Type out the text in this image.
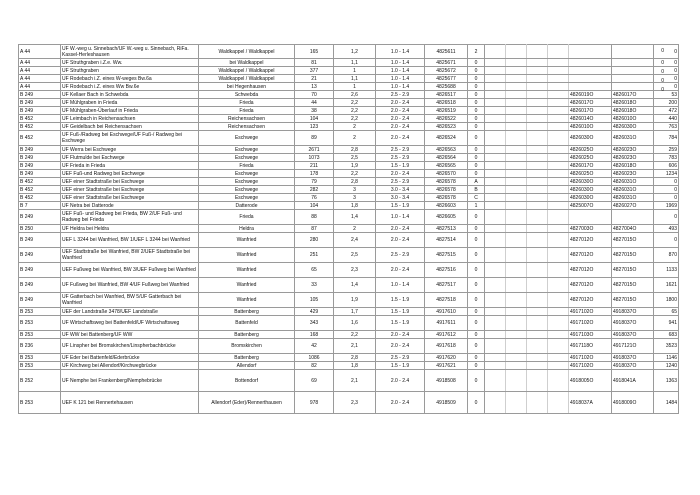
A 44	UF W.-weg u. Sinnebach/UF W.-weg u. Sinnebach, RiFa. Kassel-Herleshausen	Waldkappel / Waldkappel	165	1,2	1.0 - 1.4	4825611	2							0
A 44	UF Struthgraben i.Z.e. Ww.	bei Waldkappel	81	1,1	1.0 - 1.4	4825671	0							0
A 44	UF Struthgraben	Waldkappel / Waldkappel	377	1	1.0 - 1.4	4825672	0							0
A 44	UF Rodebach i.Z. eines W-weges Bw.6a	Waldkappel / Waldkappel	21	1,1	1.0 - 1.4	4825677	0							0
A 44	UF Rodebach i.Z. eines Ww Bw.6e	bei Hegenhausen	13	1	1.0 - 1.4	4825688	0							0
B 249	UF Kellaer Bach in Schwebda	Schwebda	70	2,6	2.5 - 2.9	4826517	0					4826019O	4826017O	53
B 249	UF Mühlgraben in Frieda	Frieda	44	2,2	2.0 - 2.4	4826518	0					4826017O	4826018O	200
B 249	UF Mühlgraben-Überlauf in Frieda	Frieda	38	2,2	2.0 - 2.4	4826519	0					4826017O	4826018O	472
B 452	UF Leimbach in Reichensachsen	Reichensachsen	104	2,2	2.0 - 2.4	4826522	0					4826014O	4826010O	440
B 452	UF Geidelbach bei Reichensachsen	Reichensachsen	123	2	2.0 - 2.4	4826523	0					4826010O	4826030O	763
B 452	UF Fuß-/Radweg bei Eschwege/UF Fuß-/ Radweg bei Eschwege	Eschwege	89	2	2.0 - 2.4	4826524	0					4826030O	4826031O	784
B 249	UF Werra bei Eschwege	Eschwege	2671	2,8	2.5 - 2.9	4826563	0					4826025O	4826023O	259
B 249	UF Flutmulde bei Eschwege	Eschwege	1073	2,5	2.5 - 2.9	4826564	0					4826025O	4826023O	783
B 249	UF Frieda in Frieda	Frieda	211	1,9	1.5 - 1.9	4826565	0					4826017O	4826018O	606
B 249	UEF Fuß-und Radweg bei Eschwege	Eschwege	178	2,2	2.0 - 2.4	4826570	0					4826025O	4826023O	1234
B 452	UEF einer Stadtstraße bei Eschwege	Eschwege	79	2,8	2.5 - 2.9	4826578	A					4826030O	4826031O	0
B 452	UEF einer Stadtstraße bei Eschwege	Eschwege	282	3	3.0 - 3.4	4826578	B					4826030O	4826031O	0
B 452	UEF einer Stadtstraße bei Eschwege	Eschwege	76	3	3.0 - 3.4	4826578	C					4826030O	4826031O	0
B 7	UF Netra bei Datterode	Datterode	104	1,8	1.5 - 1.9	4826603	1					4825007O	4826027O	1969
B 249	UEF Fuß- und Radweg bei Frieda, BW 2/UF Fuß- und Radweg bei Frieda	Frieda	88	1,4	1.0 - 1.4	4826605	0							0
B 250	UF Heldra bei Heldra	Heldra	87	2	2.0 - 2.4	4827513	0					4827003O	4827004O	493
B 249	UEF L 3244 bei Wanfried, BW 1/UEF L 3244 bei Wanfried	Wanfried	280	2,4	2.0 - 2.4	4827514	0					4827012O	4827015O	0
B 249	UEF Stadtstraße bei Wanfried, BW 2/UEF Stadtstraße bei Wanfried	Wanfried	251	2,5	2.5 - 2.9	4827515	0					4827012O	4827015O	870
B 249	UEF Fußweg bei Wanfried, BW 3/UEF Fußweg bei Wanfried	Wanfried	65	2,3	2.0 - 2.4	4827516	0					4827012O	4827015O	1133
B 249	UF Fußweg bei Wanfried, BW 4/UF Fußweg bei Wanfried	Wanfried	33	1,4	1.0 - 1.4	4827517	0					4827012O	4827015O	1621
B 249	UF Gatterbach bei Wanfried, BW 5/UF Gatterbach bei Wanfried	Wanfried	105	1,9	1.5 - 1.9	4827518	0					4827012O	4827015O	1800
B 253	UEF der Landstraße 3478/UEF Landstraße	Battenberg	429	1,7	1.5 - 1.9	4917610	0					4917102O	4918037O	65
B 253	UF Wirtschaftsweg bei Battenfeld/UF Wirtschaftsweg	Battenfeld	343	1,6	1.5 - 1.9	4917611	0					4917102O	4918037O	941
B 253	UF WW bei Battenberg/UF WW	Battenberg	168	2,2	2.0 - 2.4	4917612	0					4917103O	4918037O	683
B 236	UF Linspher bei Bromskirchen/Linspherbachbrücke	Bromskirchen	42	2,1	2.0 - 2.4	4917618	0					4917118O	4917121O	3523
B 253	UF Eder bei Battenfeld/Ederbrücke	Battenberg	1086	2,8	2.5 - 2.9	4917620	0					4917102O	4918037O	1146
B 253	UF Kirchweg bei Allendorf/Kirchwegbrücke	Allendorf	82	1,8	1.5 - 1.9	4917621	0					4917102O	4918037O	1240
B 252	UF Nemphe bei Frankenberg/Nemphebrücke	Bottendorf	69	2,1	2.0 - 2.4	4918508	0					4918005O	4918041A	1363
B 253	UEF K 121 bei Rennertehausen	Allendorf (Eder)/Rennerthausen	978	2,3	2.0 - 2.4	4918509	0					4918037A	4918009O	1484
0
0
0
0
0
